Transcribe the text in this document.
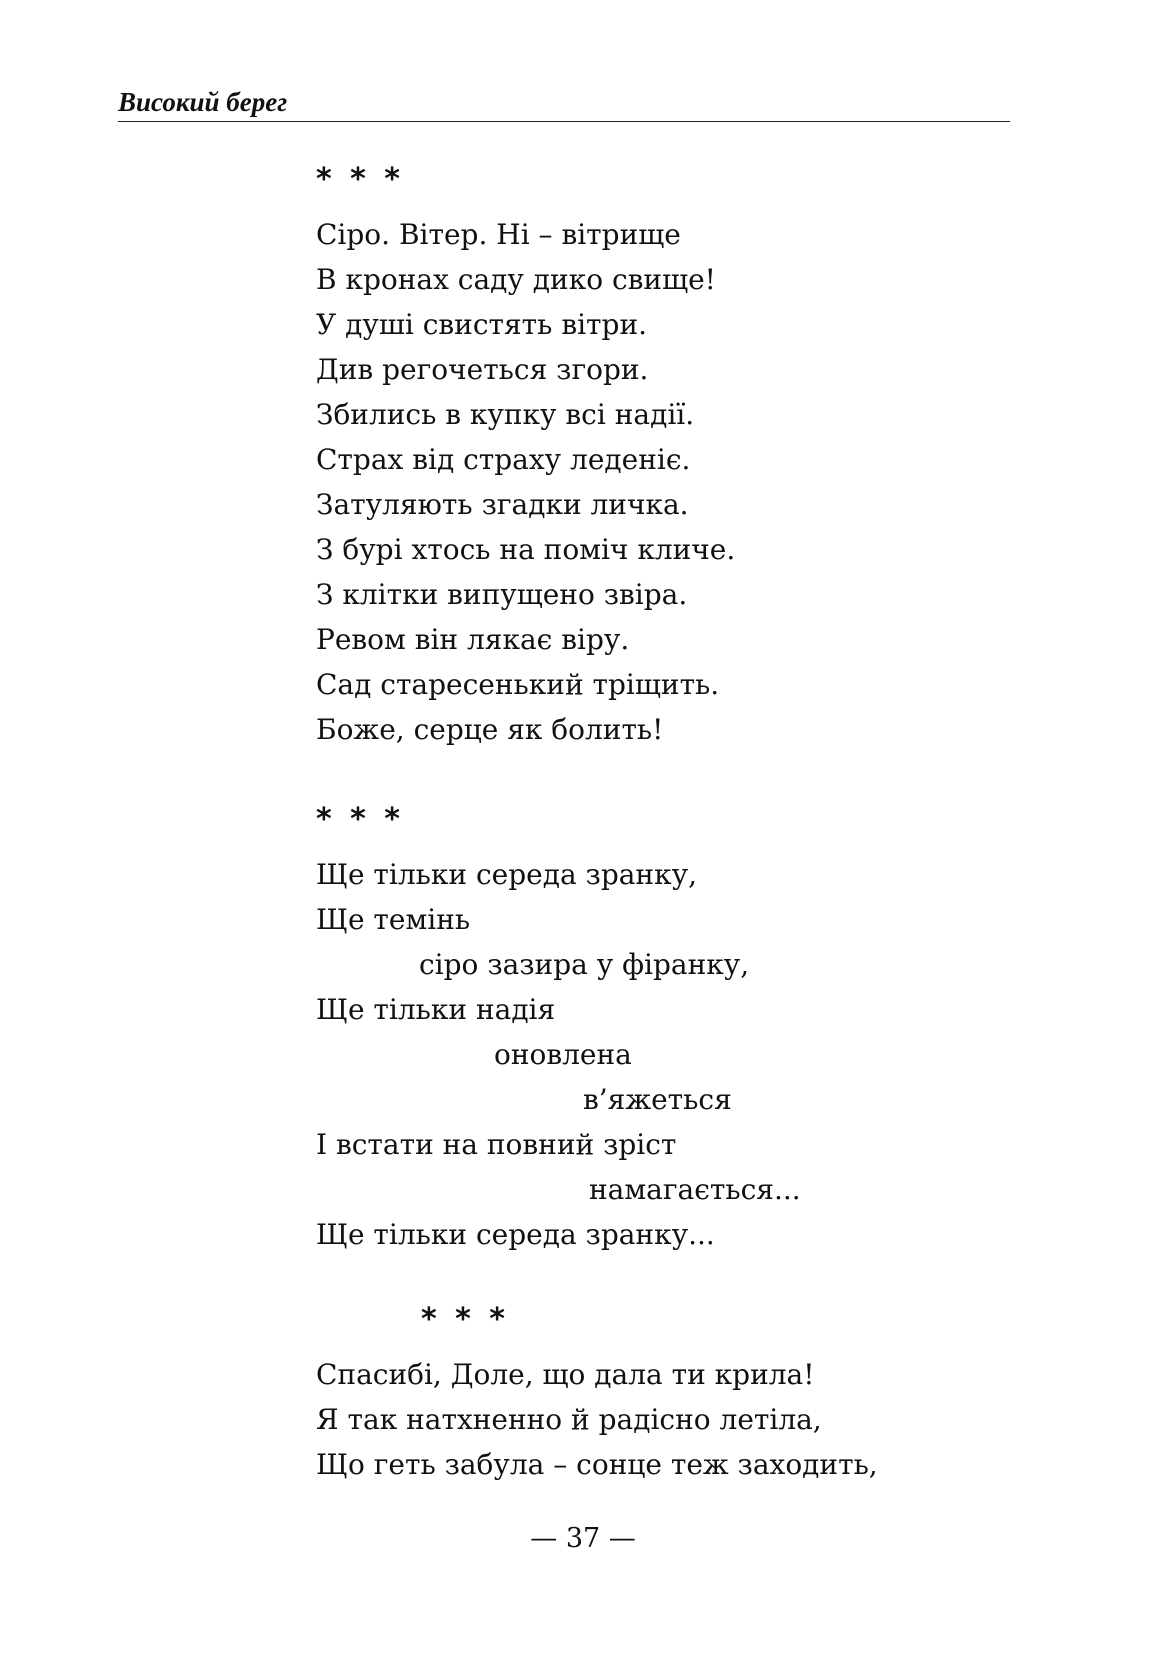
Високий берег

* * *

Сіро. Вітер. Ні – вітрище

В кронах саду дико свище!

У душі свистять вітри.

Див регочеться згори.

Збились в купку всі надії.

Страх від страху леденіє.

Затуляють згадки личка.

З бурі хтось на поміч кличе.

З клітки випущено звіра.

Ревом він лякає віру.

Сад старесенький тріщить.

Боже, серце як болить!

* * *

Ще тільки середа зранку,

Ще темінь

сіро зазира у фіранку,

Ще тільки надія

оновлена

в’яжеться

І встати на повний зріст

намагається...

Ще тільки середа зранку...

* * *

Спасибі, Доле, що дала ти крила!

Я так натхненно й радісно летіла,

Що геть забула – сонце теж заходить,

— 37 —
